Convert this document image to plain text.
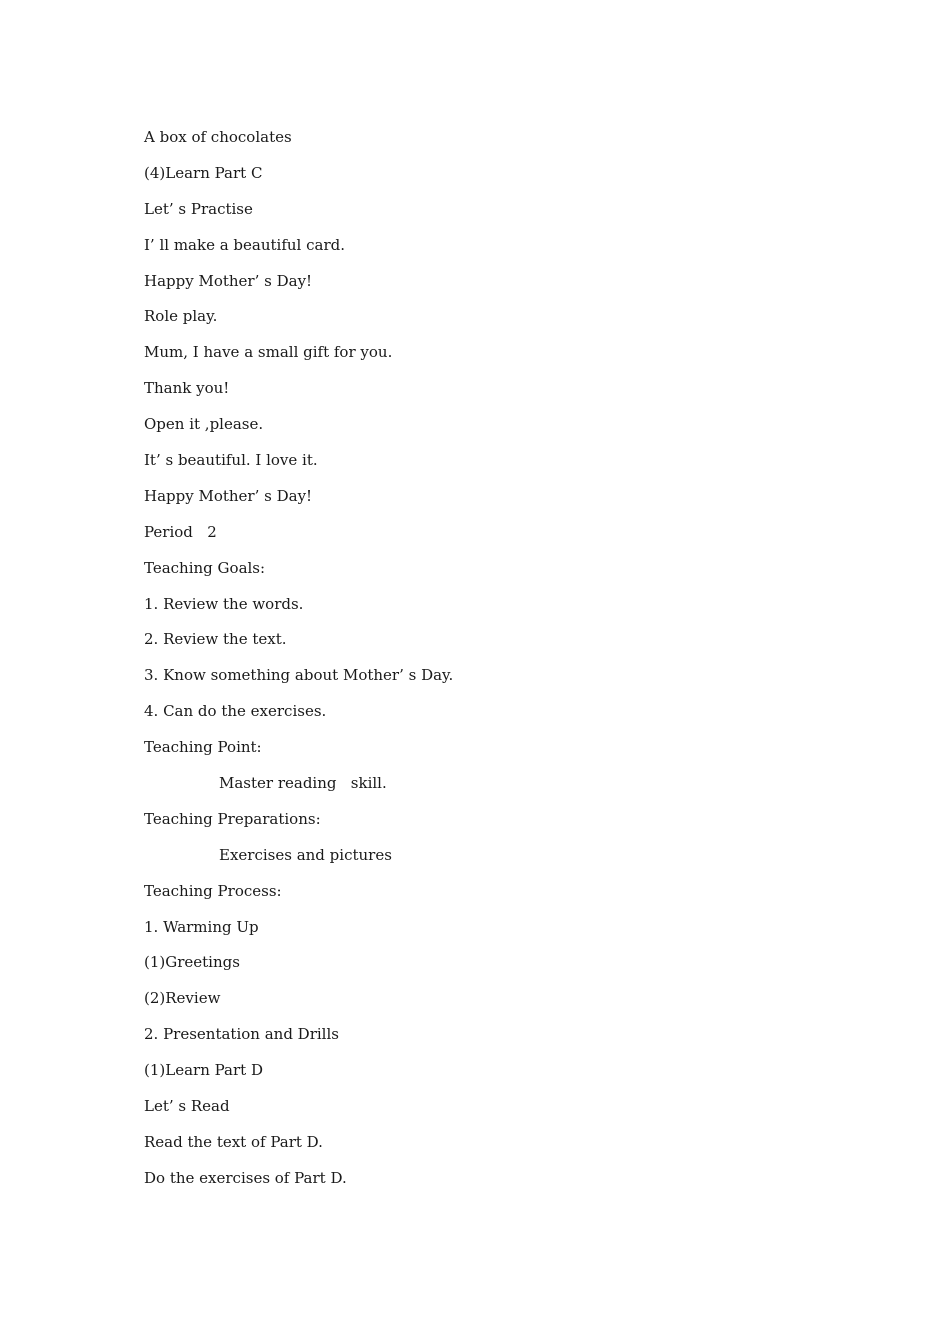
A box of chocolates
(4)Learn Part C
Let’ s Practise
I’ ll make a beautiful card.
Happy Mother’ s Day!
Role play.
Mum, I have a small gift for you.
Thank you!
Open it ,please.
It’ s beautiful. I love it.
Happy Mother’ s Day!
Period   2
Teaching Goals:
1. Review the words.
2. Review the text.
3. Know something about Mother’ s Day.
4. Can do the exercises.
Teaching Point:
Master reading   skill.
Teaching Preparations:
Exercises and pictures
Teaching Process:
1. Warming Up
(1)Greetings
(2)Review
2. Presentation and Drills
(1)Learn Part D
Let’ s Read
Read the text of Part D.
Do the exercises of Part D.
